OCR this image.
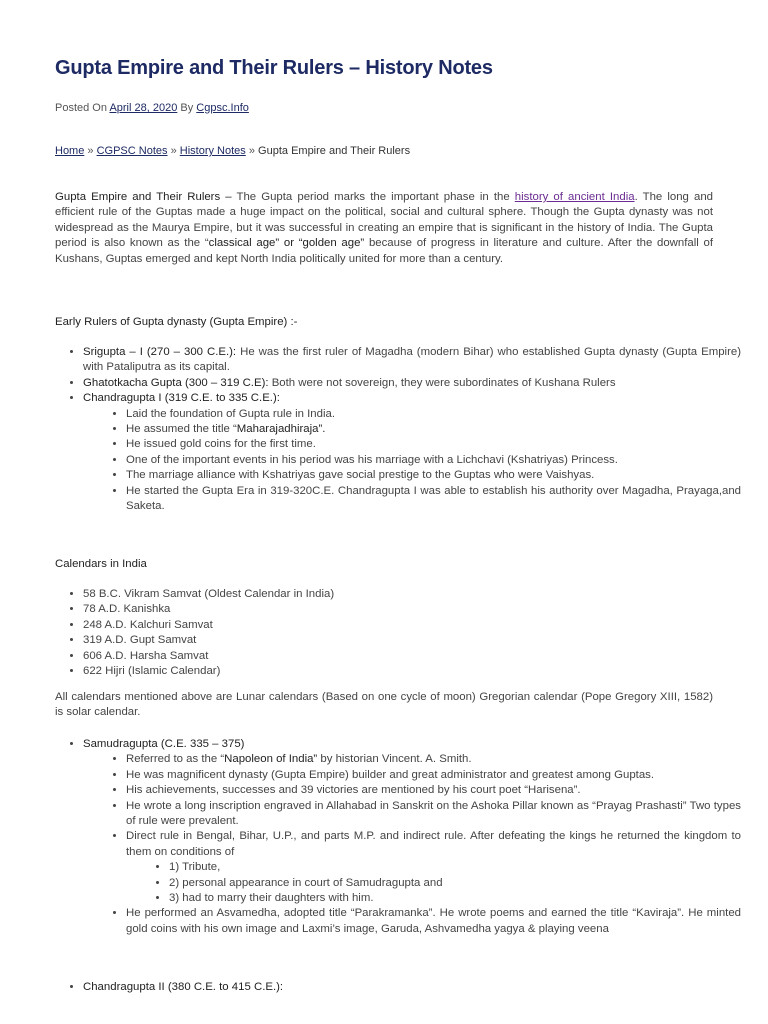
Gupta Empire and Their Rulers – History Notes
Posted On April 28, 2020 By Cgpsc.Info
Home » CGPSC Notes » History Notes » Gupta Empire and Their Rulers

Gupta Empire and Their Rulers – The Gupta period marks the important phase in the history of ancient India. The long and efficient rule of the Guptas made a huge impact on the political, social and cultural sphere. Though the Gupta dynasty was not widespread as the Maurya Empire, but it was successful in creating an empire that is significant in the history of India. The Gupta period is also known as the “classical age” or “golden age” because of progress in literature and culture. After the downfall of Kushans, Guptas emerged and kept North India politically united for more than a century.

Early Rulers of Gupta dynasty (Gupta Empire) :-
• Srigupta – I (270 – 300 C.E.): He was the first ruler of Magadha (modern Bihar) who established Gupta dynasty (Gupta Empire) with Pataliputra as its capital.
• Ghatotkacha Gupta (300 – 319 C.E): Both were not sovereign, they were subordinates of Kushana Rulers
• Chandragupta I (319 C.E. to 335 C.E.):
• Laid the foundation of Gupta rule in India.
• He assumed the title “Maharajadhiraja”.
• He issued gold coins for the first time.
• One of the important events in his period was his marriage with a Lichchavi (Kshatriyas) Princess.
• The marriage alliance with Kshatriyas gave social prestige to the Guptas who were Vaishyas.
• He started the Gupta Era in 319-320C.E. Chandragupta I was able to establish his authority over Magadha, Prayaga,and Saketa.
Calendars in India
• 58 B.C. Vikram Samvat (Oldest Calendar in India)
• 78 A.D. Kanishka
• 248 A.D. Kalchuri Samvat
• 319 A.D. Gupt Samvat
• 606 A.D. Harsha Samvat
• 622 Hijri (Islamic Calendar)

All calendars mentioned above are Lunar calendars (Based on one cycle of moon) Gregorian calendar (Pope Gregory XIII, 1582) is solar calendar.

• Samudragupta (C.E. 335 – 375)
• Referred to as the “Napoleon of India” by historian Vincent. A. Smith.
• He was magnificent dynasty (Gupta Empire) builder and great administrator and greatest among Guptas.
• His achievements, successes and 39 victories are mentioned by his court poet “Harisena”.
• He wrote a long inscription engraved in Allahabad in Sanskrit on the Ashoka Pillar known as “Prayag Prashasti” Two types of rule were prevalent.
• Direct rule in Bengal, Bihar, U.P., and parts M.P. and indirect rule. After defeating the kings he returned the kingdom to them on conditions of
• 1) Tribute,
• 2) personal appearance in court of Samudragupta and
• 3) had to marry their daughters with him.
• He performed an Asvamedha, adopted title “Parakramanka”. He wrote poems and earned the title “Kaviraja”. He minted gold coins with his own image and Laxmi’s image, Garuda, Ashvamedha yagya & playing veena
• Chandragupta II (380 C.E. to 415 C.E.):
